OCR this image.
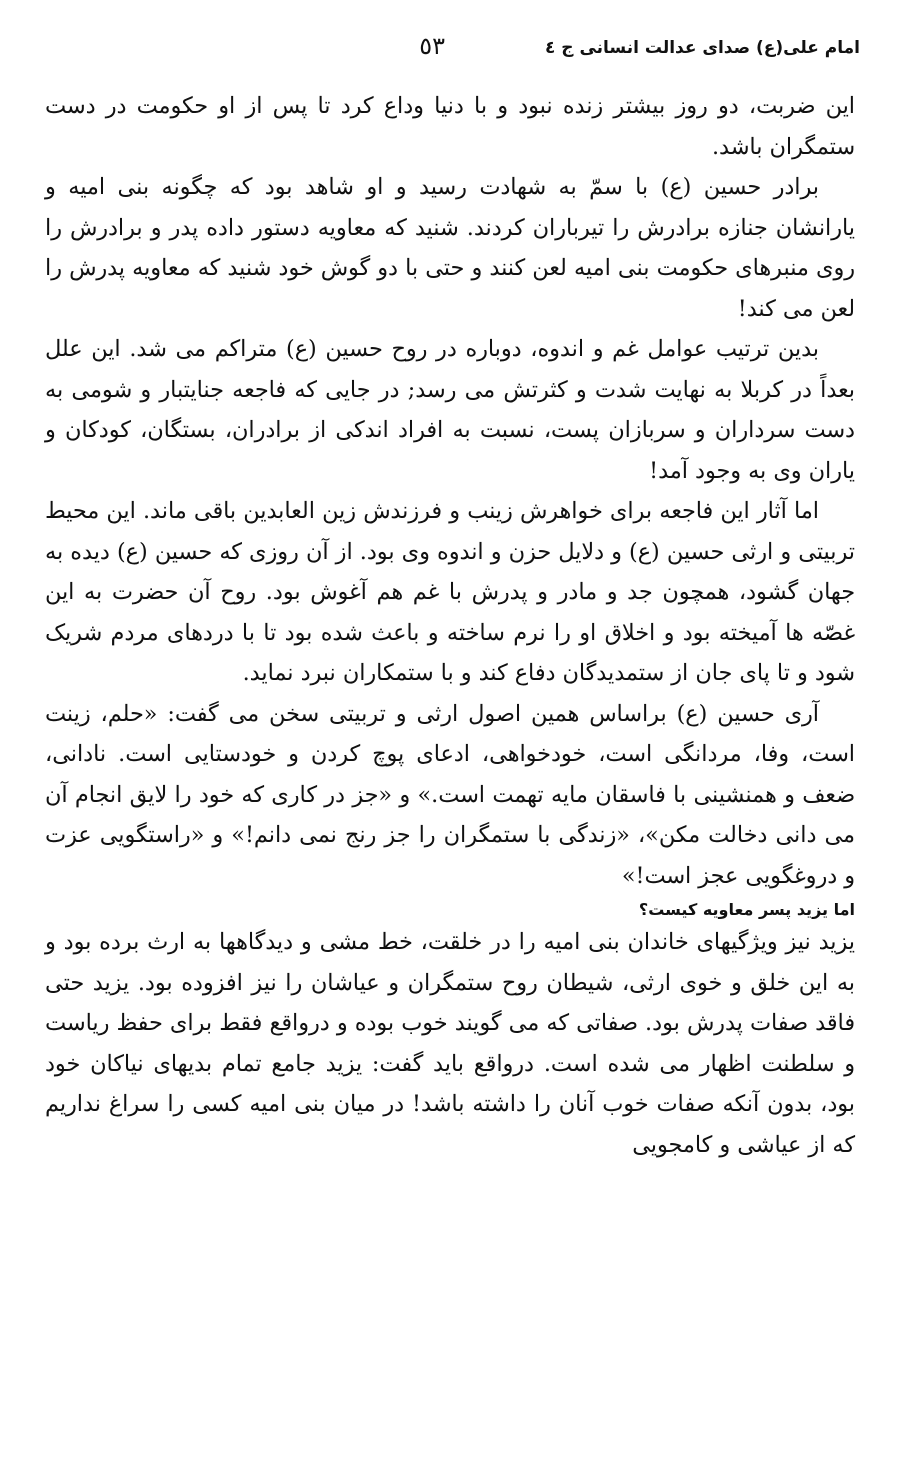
امام علی(ع) صدای عدالت انسانی ج ٤
٥٣

این ضربت، دو روز بیشتر زنده نبود و با دنیا وداع کرد تا پس از او حکومت در دست ستمگران باشد.

برادر حسین (ع) با سمّ به شهادت رسید و او شاهد بود که چگونه بنی امیه و یارانشان جنازه برادرش را تیرباران کردند. شنید که معاویه دستور داده پدر و برادرش را روی منبرهای حکومت بنی امیه لعن کنند و حتی با دو گوش خود شنید که معاویه پدرش را لعن می کند!

بدین ترتیب عوامل غم و اندوه، دوباره در روح حسین (ع) متراکم می شد. این علل بعداً در کربلا به نهایت شدت و کثرتش می رسد; در جایی که فاجعه جنایتبار و شومی به دست سرداران و سربازان پست، نسبت به افراد اندکی از برادران، بستگان، کودکان و یاران وی به وجود آمد!

اما آثار این فاجعه برای خواهرش زینب و فرزندش زین العابدین باقی ماند. این محیط تربیتی و ارثی حسین (ع) و دلایل حزن و اندوه وی بود. از آن روزی که حسین (ع) دیده به جهان گشود، همچون جد و مادر و پدرش با غم هم آغوش بود. روح آن حضرت به این غصّه ها آمیخته بود و اخلاق او را نرم ساخته و باعث شده بود تا با دردهای مردم شریک شود و تا پای جان از ستمدیدگان دفاع کند و با ستمکاران نبرد نماید.

آری حسین (ع) براساس همین اصول ارثی و تربیتی سخن می گفت: «حلم، زینت است، وفا، مردانگی است، خودخواهی، ادعای پوچ کردن و خودستایی است. نادانی، ضعف و همنشینی با فاسقان مایه تهمت است.» و «جز در کاری که خود را لایق انجام آن می دانی دخالت مکن»، «زندگی با ستمگران را جز رنج نمی دانم!» و «راستگویی عزت و دروغگویی عجز است!»

اما یزید پسر معاویه کیست؟

یزید نیز ویژگیهای خاندان بنی امیه را در خلقت، خط مشی و دیدگاهها به ارث برده بود و به این خلق و خوی ارثی، شیطان روح ستمگران و عیاشان را نیز افزوده بود. یزید حتی فاقد صفات پدرش بود. صفاتی که می گویند خوب بوده و درواقع فقط برای حفظ ریاست و سلطنت اظهار می شده است. درواقع باید گفت: یزید جامع تمام بدیهای نیاکان خود بود، بدون آنکه صفات خوب آنان را داشته باشد! در میان بنی امیه کسی را سراغ نداریم که از عیاشی و کامجویی
